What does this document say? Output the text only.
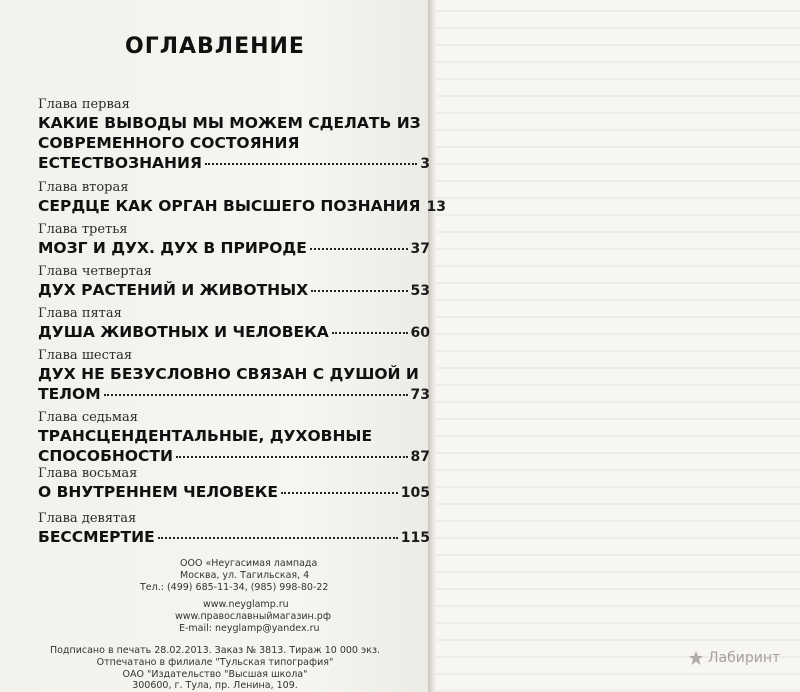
ОГЛАВЛЕНИЕ
Глава первая
КАКИЕ ВЫВОДЫ МЫ МОЖЕМ СДЕЛАТЬ ИЗ
СОВРЕМЕННОГО СОСТОЯНИЯ
ЕСТЕСТВОЗНАНИЯ	3
Глава вторая
СЕРДЦЕ КАК ОРГАН ВЫСШЕГО ПОЗНАНИЯ 13
Глава третья
МОЗГ И ДУХ. ДУХ В ПРИРОДЕ	37
Глава четвертая
ДУХ РАСТЕНИЙ И ЖИВОТНЫХ	53
Глава пятая
ДУША ЖИВОТНЫХ И ЧЕЛОВЕКА	60
Глава шестая
ДУХ НЕ БЕЗУСЛОВНО СВЯЗАН С ДУШОЙ И
ТЕЛОМ	73
Глава седьмая
ТРАНСЦЕНДЕНТАЛЬНЫЕ, ДУХОВНЫЕ
СПОСОБНОСТИ	87
Глава восьмая
О ВНУТРЕННЕМ ЧЕЛОВЕКЕ	105
Глава девятая
БЕССМЕРТИЕ	115
ООО «Неугасимая лампада
Москва, ул. Тагильская, 4
Тел.: (499) 685-11-34, (985) 998-80-22
www.neyglamp.ru
www.православныймагазин.рф
E-mail: neyglamp@yandex.ru
Подписано в печать 28.02.2013. Заказ № 3813. Тираж 10 000 экз.
Отпечатано в филиале "Тульская типография"
ОАО "Издательство "Высшая школа"
300600, г. Тула, пр. Ленина, 109.
Лабиринт
